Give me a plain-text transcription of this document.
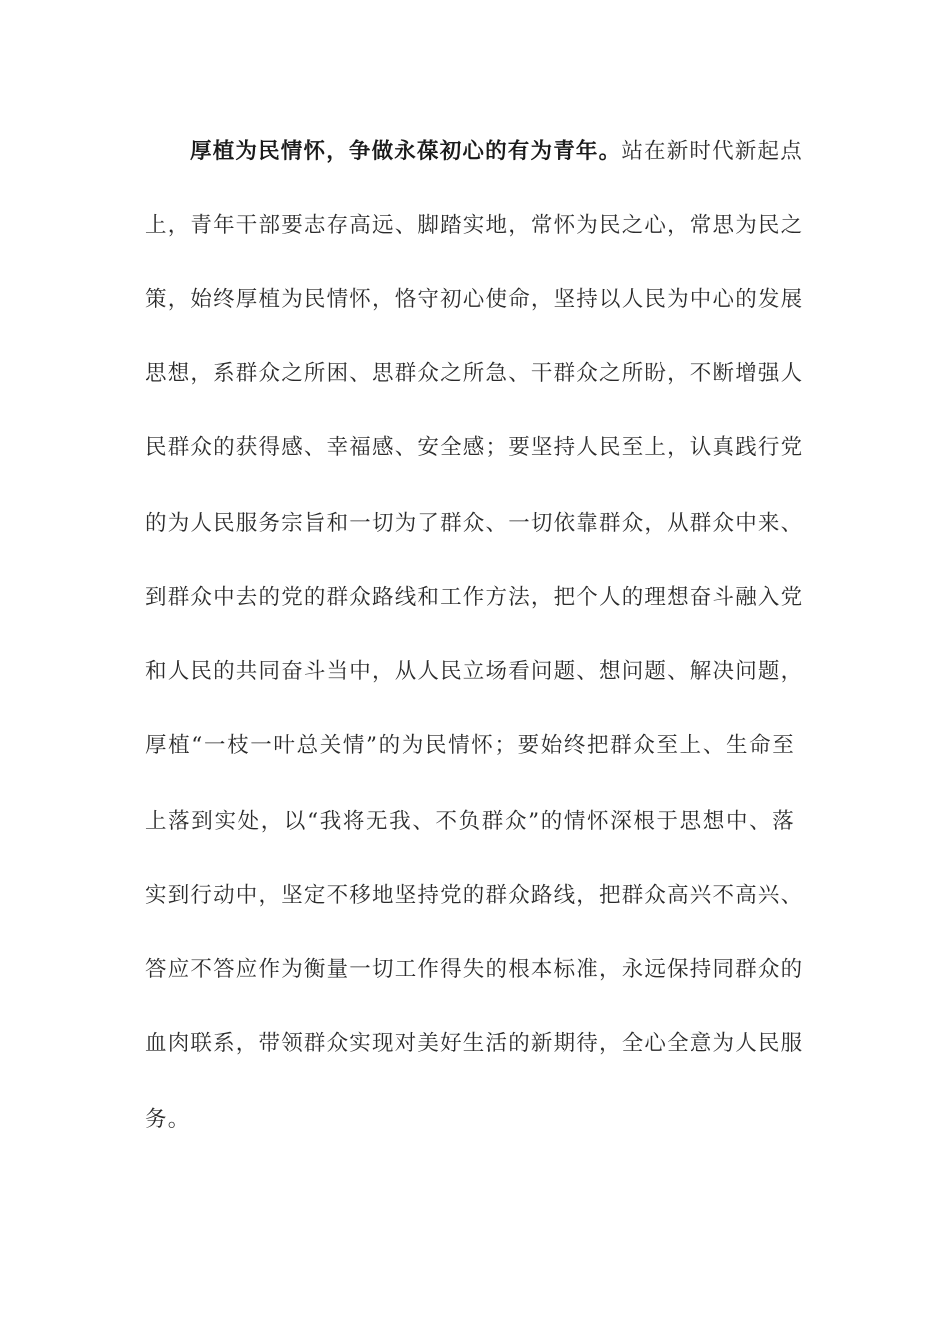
厚植为民情怀，争做永葆初心的有为青年。站在新时代新起点
上，青年干部要志存高远、脚踏实地，常怀为民之心，常思为民之
策，始终厚植为民情怀，恪守初心使命，坚持以人民为中心的发展
思想，系群众之所困、思群众之所急、干群众之所盼，不断增强人
民群众的获得感、幸福感、安全感；要坚持人民至上，认真践行党
的为人民服务宗旨和一切为了群众、一切依靠群众，从群众中来、
到群众中去的党的群众路线和工作方法，把个人的理想奋斗融入党
和人民的共同奋斗当中，从人民立场看问题、想问题、解决问题，
厚植“一枝一叶总关情”的为民情怀；要始终把群众至上、生命至
上落到实处，以“我将无我、不负群众”的情怀深根于思想中、落
实到行动中，坚定不移地坚持党的群众路线，把群众高兴不高兴、
答应不答应作为衡量一切工作得失的根本标准，永远保持同群众的
血肉联系，带领群众实现对美好生活的新期待，全心全意为人民服
务。
